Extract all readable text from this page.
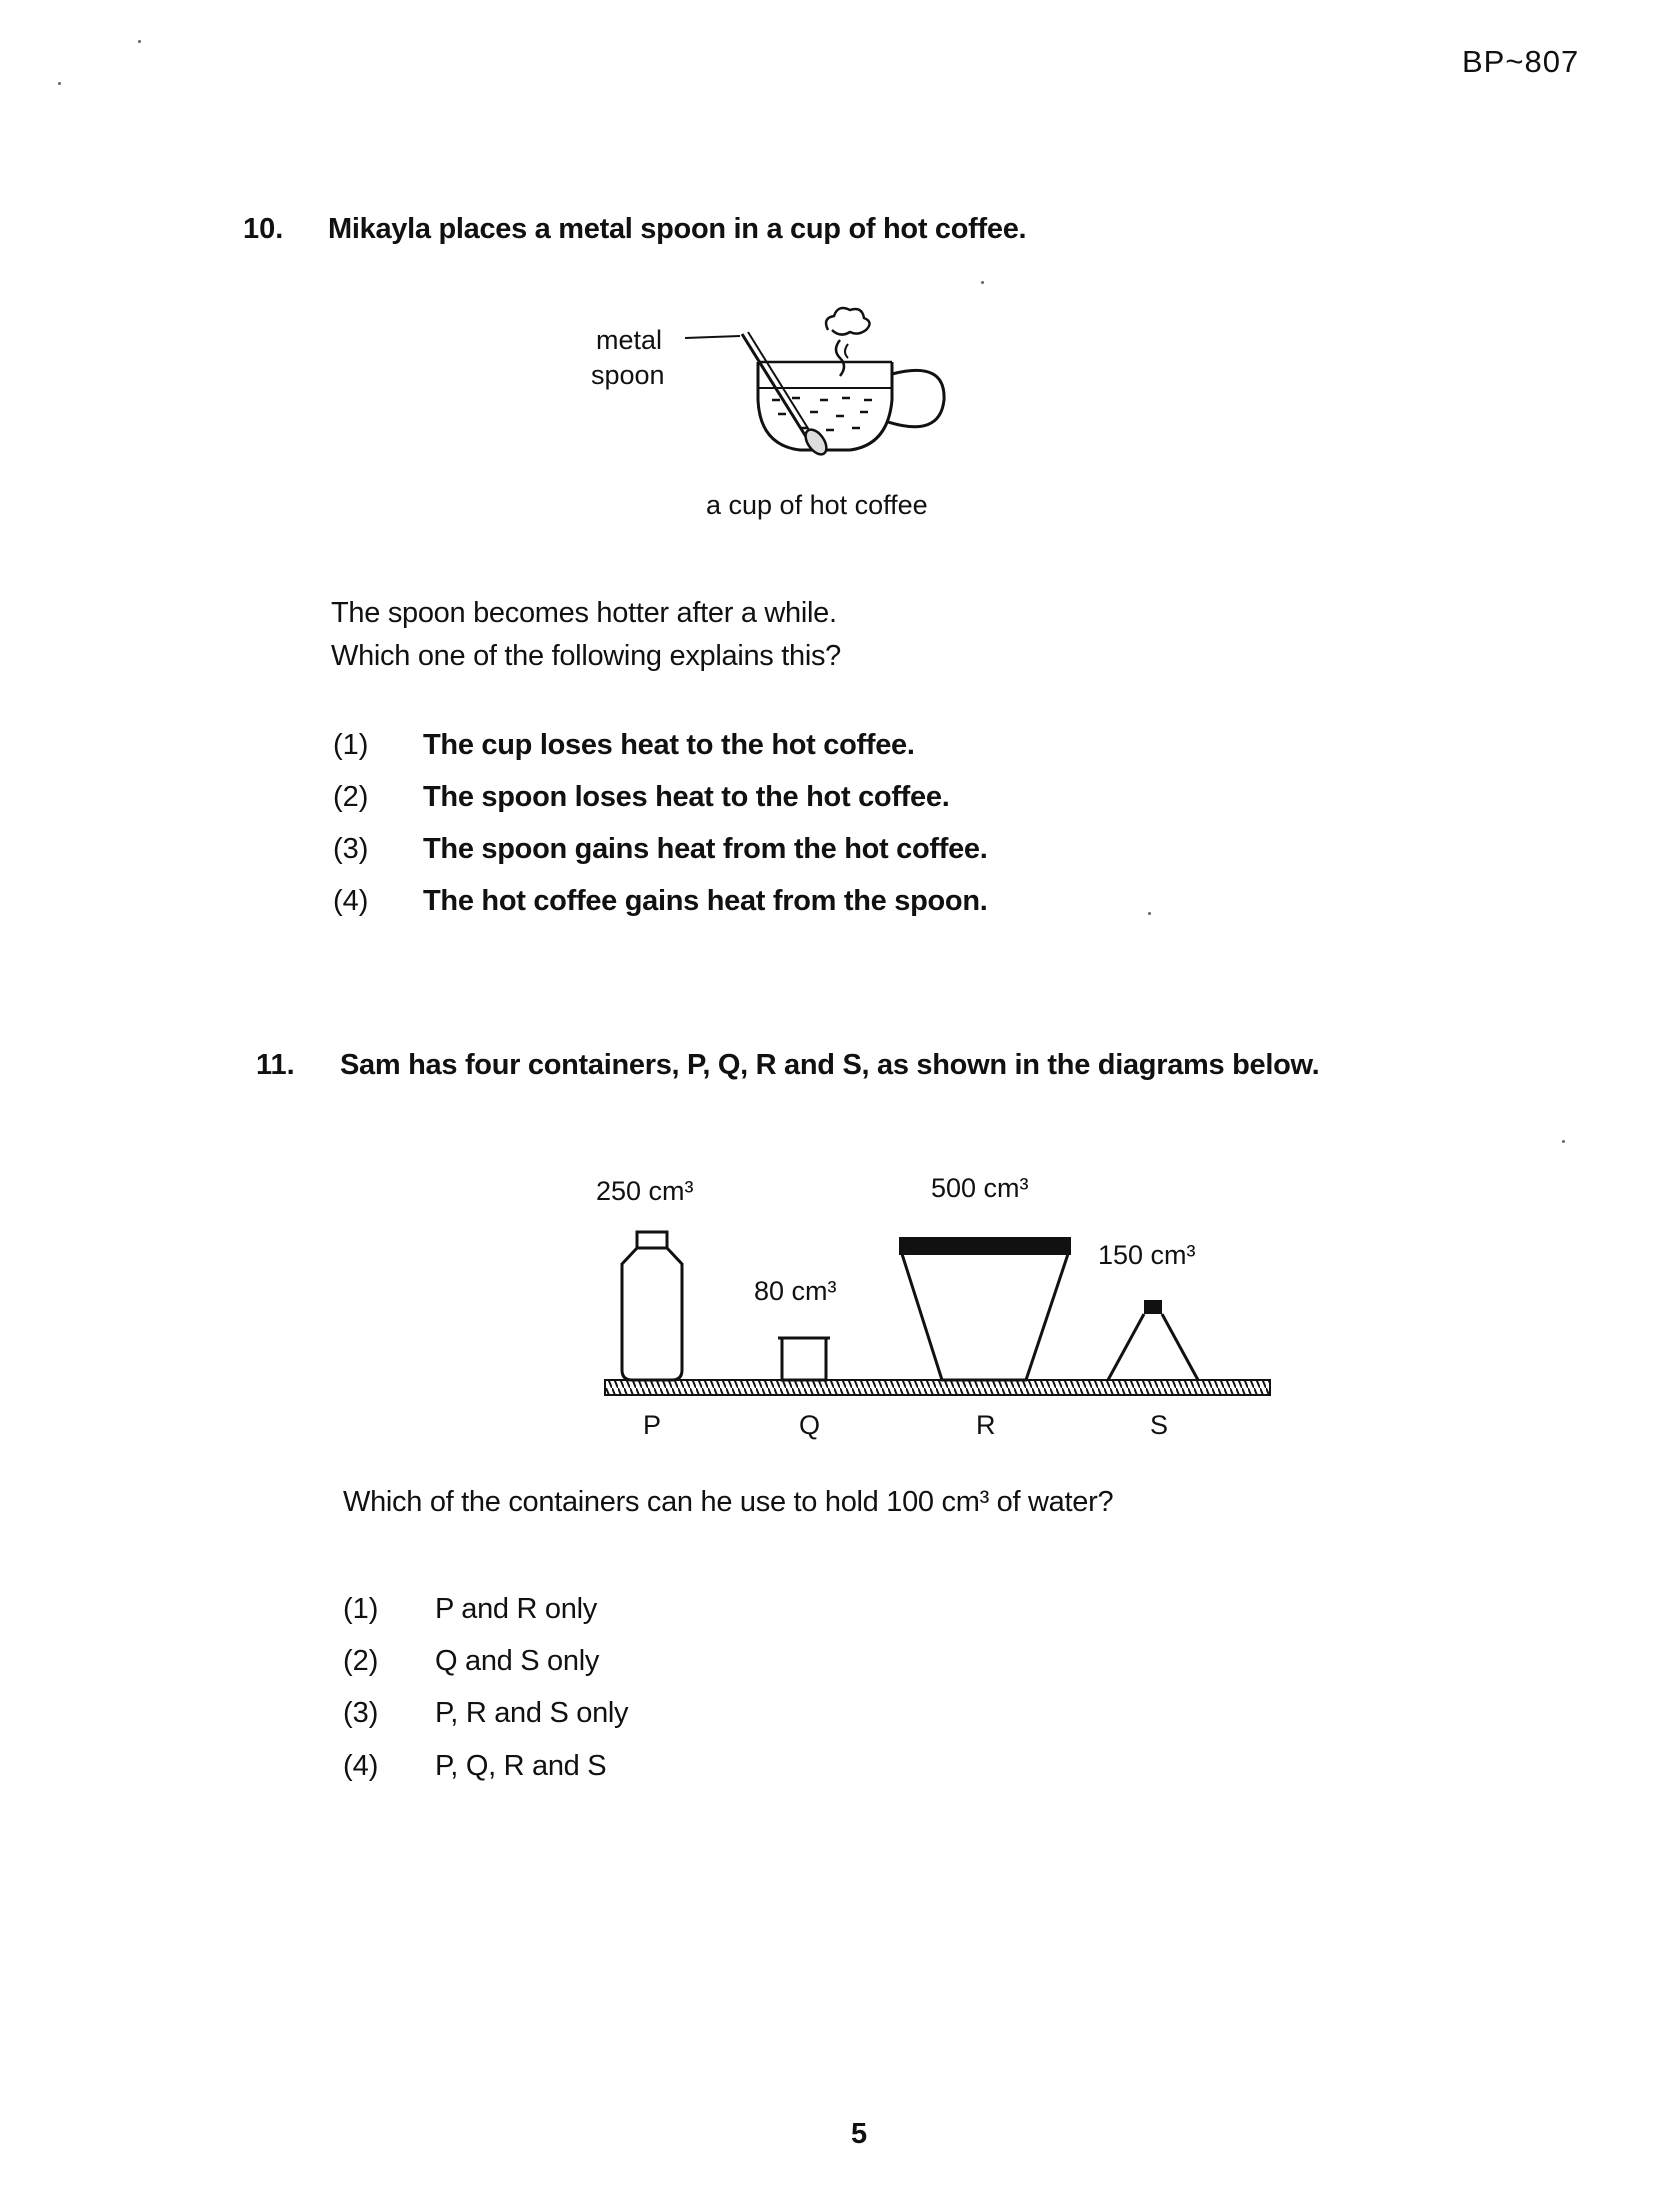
BP~807
10. Mikayla places a metal spoon in a cup of hot coffee.
metal
spoon
a cup of hot coffee
The spoon becomes hotter after a while.
Which one of the following explains this?
(1) The cup loses heat to the hot coffee.
(2) The spoon loses heat to the hot coffee.
(3) The spoon gains heat from the hot coffee.
(4) The hot coffee gains heat from the spoon.
11. Sam has four containers, P, Q, R and S, as shown in the diagrams below.
250 cm³
80 cm³
500 cm³
150 cm³
P	Q	R	S
Which of the containers can he use to hold 100 cm³ of water?
(1) P and R only
(2) Q and S only
(3) P, R and S only
(4) P, Q, R and S
5
